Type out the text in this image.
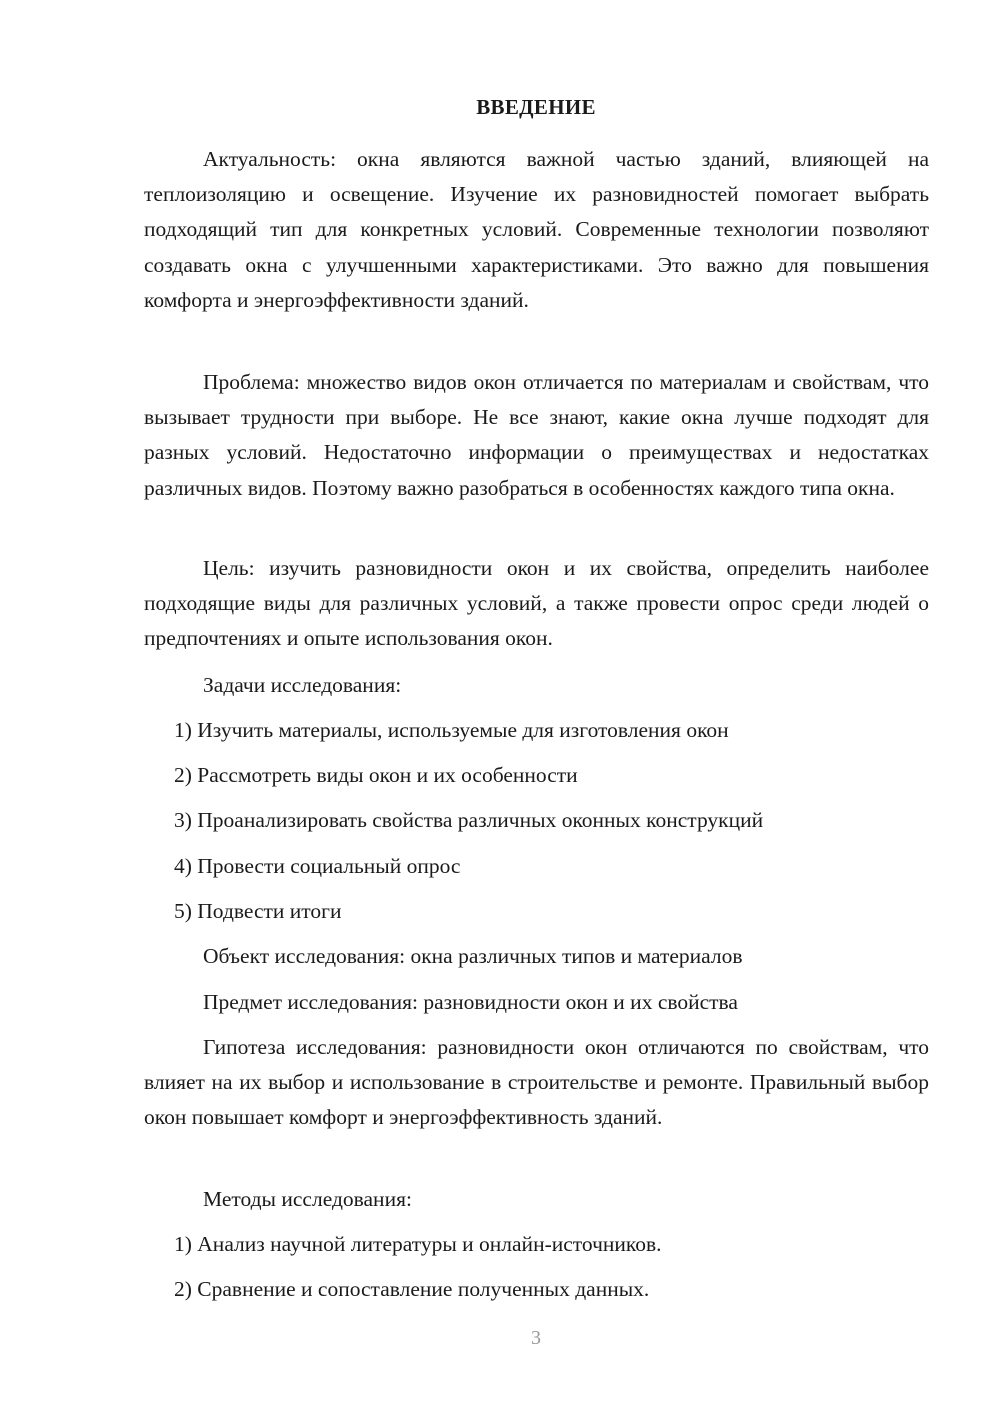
ВВЕДЕНИЕ

Актуальность: окна являются важной частью зданий, влияющей на теплоизоляцию и освещение. Изучение их разновидностей помогает выбрать подходящий тип для конкретных условий. Современные технологии позволяют создавать окна с улучшенными характеристиками. Это важно для повышения комфорта и энергоэффективности зданий.

Проблема: множество видов окон отличается по материалам и свойствам, что вызывает трудности при выборе. Не все знают, какие окна лучше подходят для разных условий. Недостаточно информации о преимуществах и недостатках различных видов. Поэтому важно разобраться в особенностях каждого типа окна.

Цель: изучить разновидности окон и их свойства, определить наиболее подходящие виды для различных условий, а также провести опрос среди людей о предпочтениях и опыте использования окон.

Задачи исследования:

1) Изучить материалы, используемые для изготовления окон

2) Рассмотреть виды окон и их особенности

3) Проанализировать свойства различных оконных конструкций

4) Провести социальный опрос

5) Подвести итоги

Объект исследования: окна различных типов и материалов

Предмет исследования: разновидности окон и их свойства

Гипотеза исследования: разновидности окон отличаются по свойствам, что влияет на их выбор и использование в строительстве и ремонте. Правильный выбор окон повышает комфорт и энергоэффективность зданий.

Методы исследования:

1) Анализ научной литературы и онлайн-источников.

2) Сравнение и сопоставление полученных данных.

3
